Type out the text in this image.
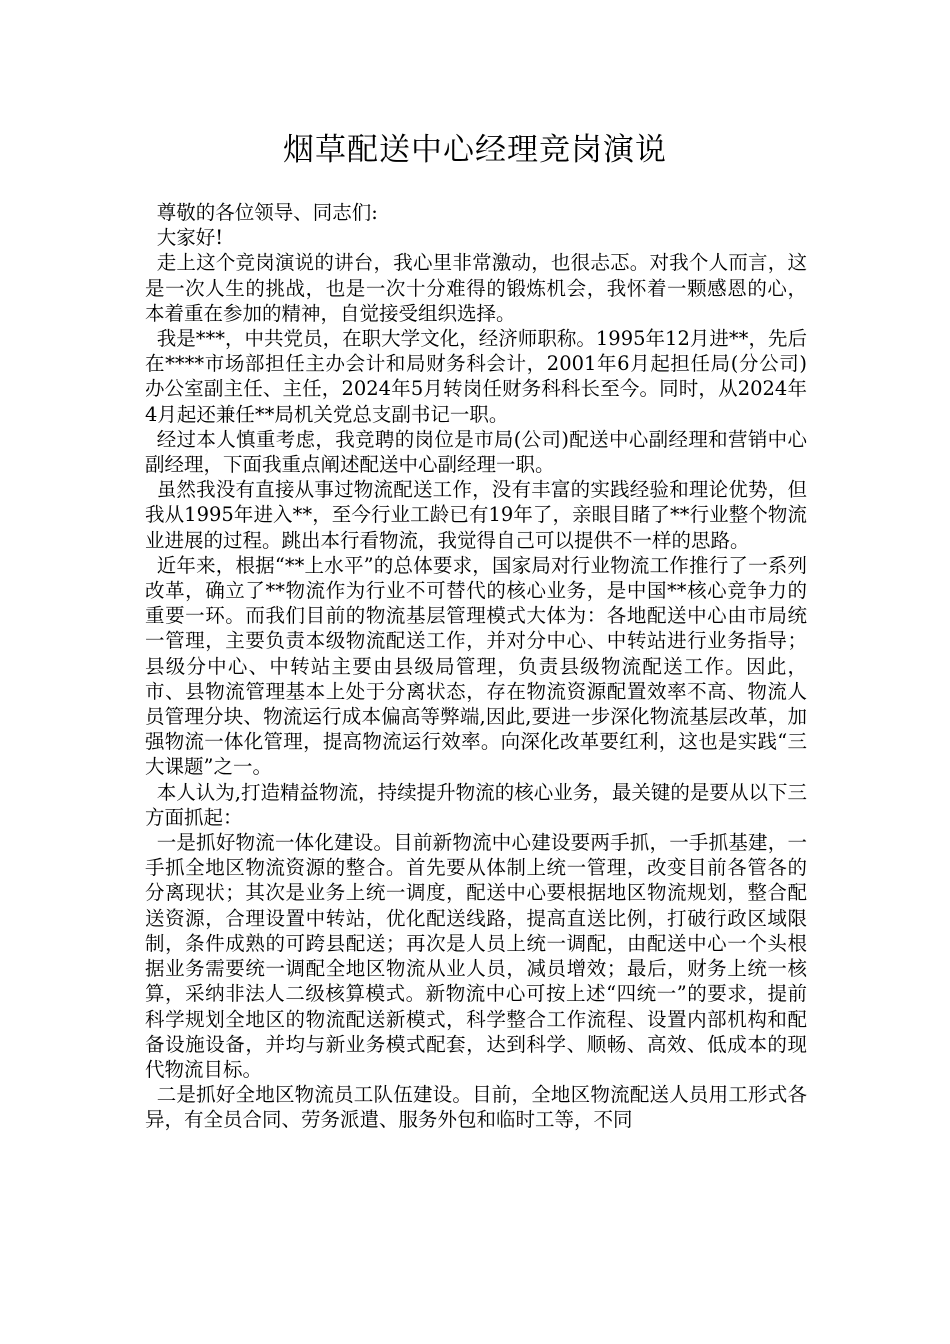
烟草配送中心经理竞岗演说

尊敬的各位领导、同志们:

大家好!

走上这个竞岗演说的讲台，我心里非常激动，也很忐忑。对我个人而言，这是一次人生的挑战，也是一次十分难得的锻炼机会，我怀着一颗感恩的心，本着重在参加的精神，自觉接受组织选择。

我是***，中共党员，在职大学文化，经济师职称。1995年12月进**，先后在****市场部担任主办会计和局财务科会计，2001年6月起担任局(分公司)办公室副主任、主任，2024年5月转岗任财务科科长至今。同时，从2024年4月起还兼任**局机关党总支副书记一职。

经过本人慎重考虑，我竞聘的岗位是市局(公司)配送中心副经理和营销中心副经理，下面我重点阐述配送中心副经理一职。

虽然我没有直接从事过物流配送工作，没有丰富的实践经验和理论优势，但我从1995年进入**，至今行业工龄已有19年了，亲眼目睹了**行业整个物流业进展的过程。跳出本行看物流，我觉得自己可以提供不一样的思路。

近年来，根据“**上水平”的总体要求，国家局对行业物流工作推行了一系列改革，确立了**物流作为行业不可替代的核心业务，是中国**核心竞争力的重要一环。而我们目前的物流基层管理模式大体为：各地配送中心由市局统一管理，主要负责本级物流配送工作，并对分中心、中转站进行业务指导；县级分中心、中转站主要由县级局管理，负责县级物流配送工作。因此，市、县物流管理基本上处于分离状态，存在物流资源配置效率不高、物流人员管理分块、物流运行成本偏高等弊端,因此,要进一步深化物流基层改革，加强物流一体化管理，提高物流运行效率。向深化改革要红利，这也是实践“三大课题”之一。

本人认为,打造精益物流，持续提升物流的核心业务，最关键的是要从以下三方面抓起：

一是抓好物流一体化建设。目前新物流中心建设要两手抓，一手抓基建，一手抓全地区物流资源的整合。首先要从体制上统一管理，改变目前各管各的分离现状；其次是业务上统一调度，配送中心要根据地区物流规划，整合配送资源，合理设置中转站，优化配送线路，提高直送比例，打破行政区域限制，条件成熟的可跨县配送；再次是人员上统一调配，由配送中心一个头根据业务需要统一调配全地区物流从业人员，减员增效；最后，财务上统一核算，采纳非法人二级核算模式。新物流中心可按上述“四统一”的要求，提前科学规划全地区的物流配送新模式，科学整合工作流程、设置内部机构和配备设施设备，并均与新业务模式配套，达到科学、顺畅、高效、低成本的现代物流目标。

二是抓好全地区物流员工队伍建设。目前，全地区物流配送人员用工形式各异，有全员合同、劳务派遣、服务外包和临时工等，不同
